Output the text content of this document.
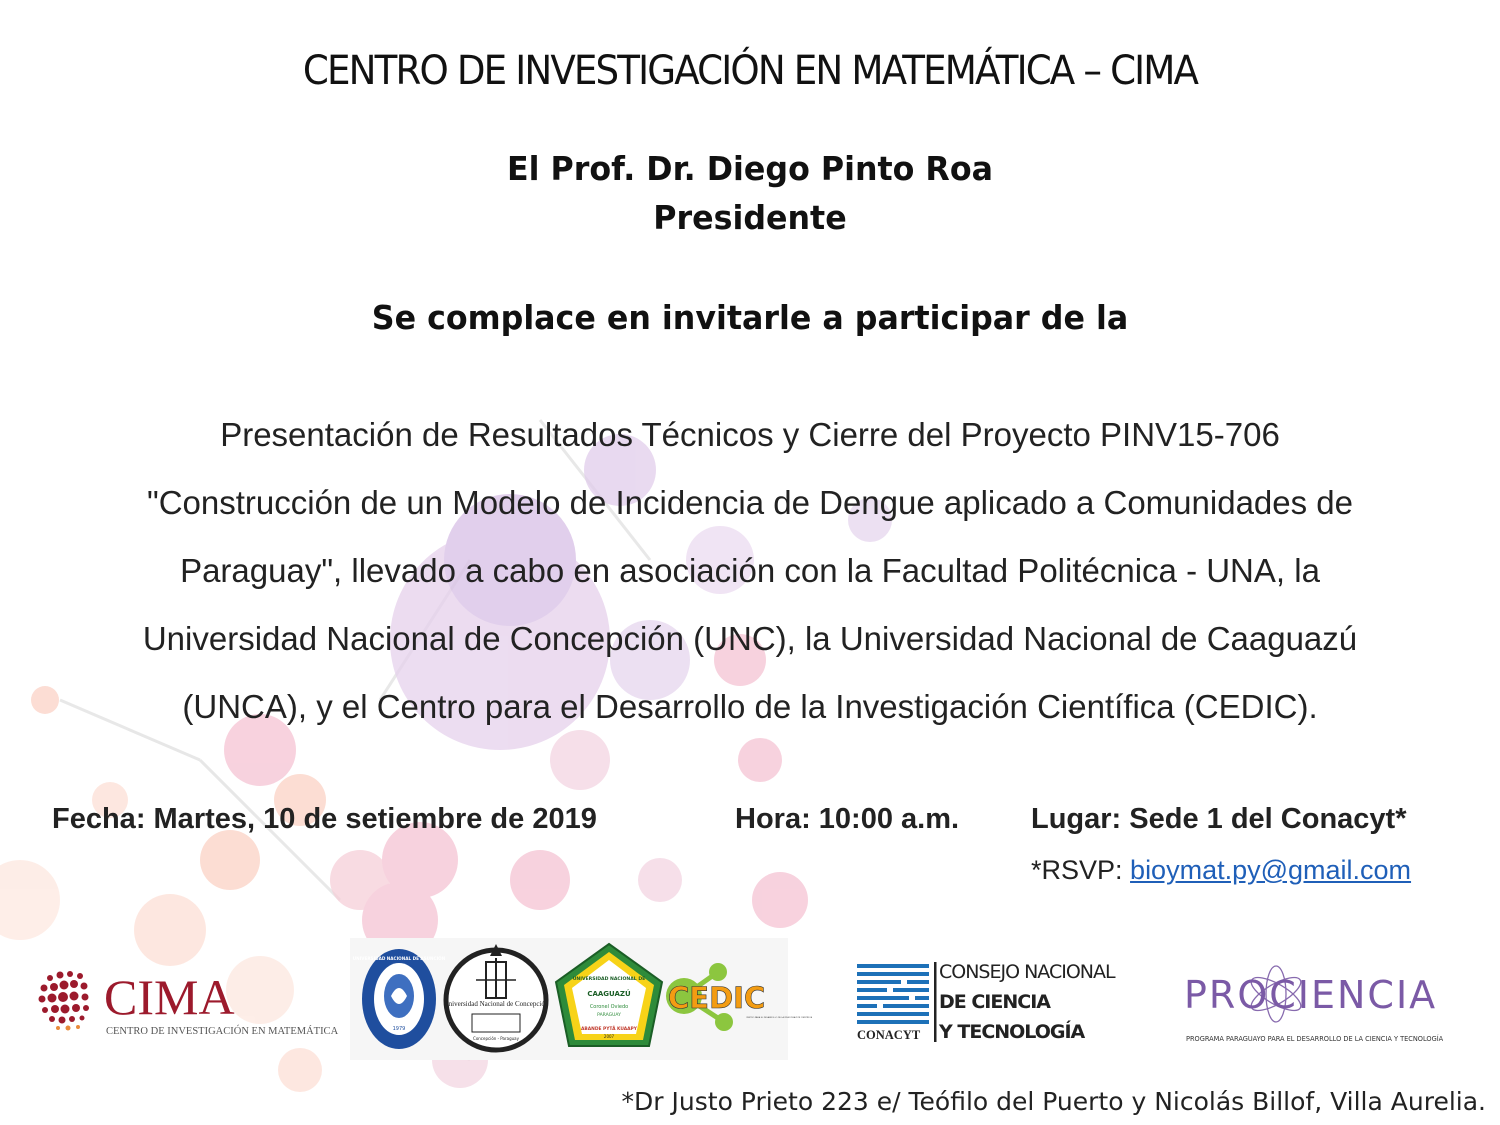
CENTRO DE INVESTIGACIÓN EN MATEMÁTICA – CIMA
El Prof. Dr. Diego Pinto Roa
Presidente
Se complace en invitarle a participar de la
Presentación de Resultados Técnicos y Cierre del Proyecto PINV15-706
"Construcción de un Modelo de Incidencia de Dengue aplicado a Comunidades de
Paraguay", llevado a cabo en asociación con la Facultad Politécnica - UNA, la
Universidad Nacional de Concepción (UNC), la Universidad Nacional de Caaguazú
(UNCA), y el Centro para el Desarrollo de la Investigación Científica (CEDIC).
Fecha: Martes, 10 de setiembre de 2019	Hora: 10:00 a.m. Lugar: Sede 1 del Conacyt*
*RSVP: bioymat.py@gmail.com
CIMA
CENTRO DE INVESTIGACIÓN EN MATEMÁTICA
UNIVERSIDAD NACIONAL DE ASUNCIÓN
1979
Universidad Nacional de Concepción
Concepción - Paraguay
UNIVERSIDAD NACIONAL DE
CAAGUAZÚ
Coronel Oviedo
PARAGUAY
ABANDE PYTÃ KUAAPY
2007
CEDIC
CENTRO PARA EL DESARROLLO DE LA INVESTIGACIÓN CIENTÍFICA
CONACYT
CONSEJO NACIONAL
DE CIENCIA
Y TECNOLOGÍA
PROCIENCIA
PROGRAMA PARAGUAYO PARA EL DESARROLLO DE LA CIENCIA Y TECNOLOGÍA
*Dr Justo Prieto 223 e/ Teófilo del Puerto y Nicolás Billof, Villa Aurelia.
